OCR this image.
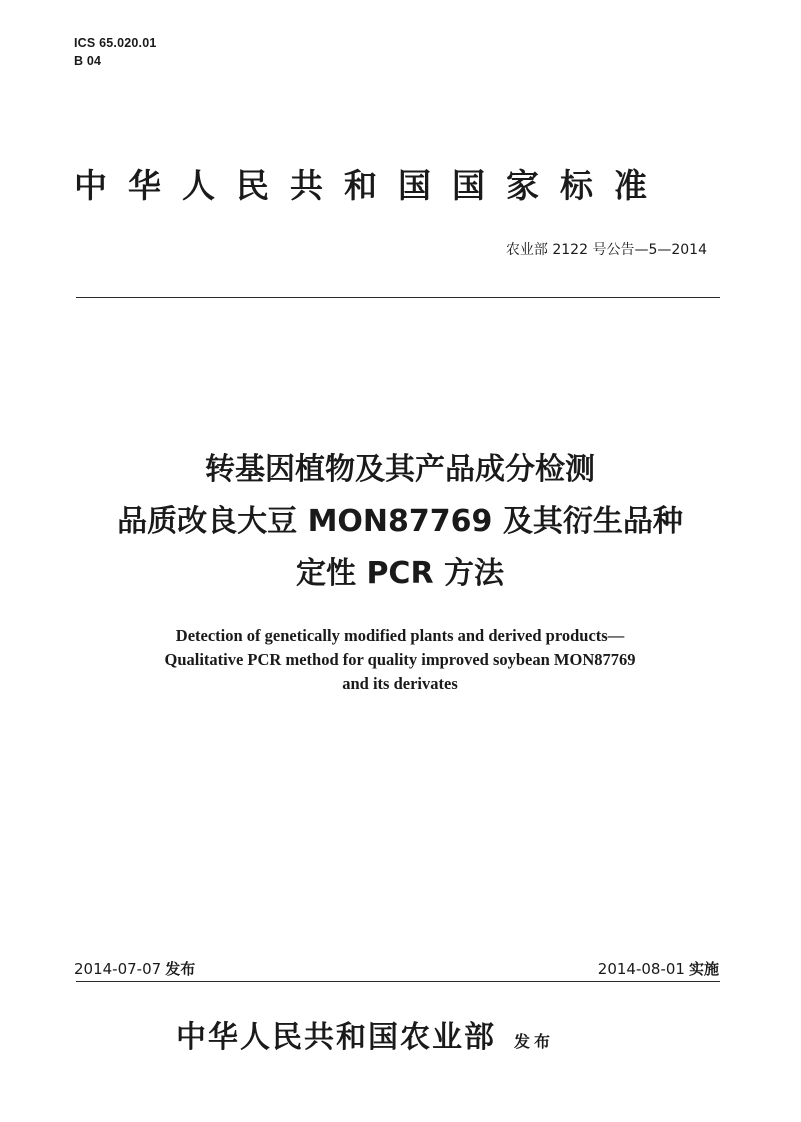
ICS 65.020.01
B 04
中华人民共和国国家标准
农业部 2122 号公告—5—2014
转基因植物及其产品成分检测
品质改良大豆 MON87769 及其衍生品种
定性 PCR 方法
Detection of genetically modified plants and derived products—
Qualitative PCR method for quality improved soybean MON87769
and its derivates
2014-07-07 发布	2014-08-01 实施
中华人民共和国农业部 发布
